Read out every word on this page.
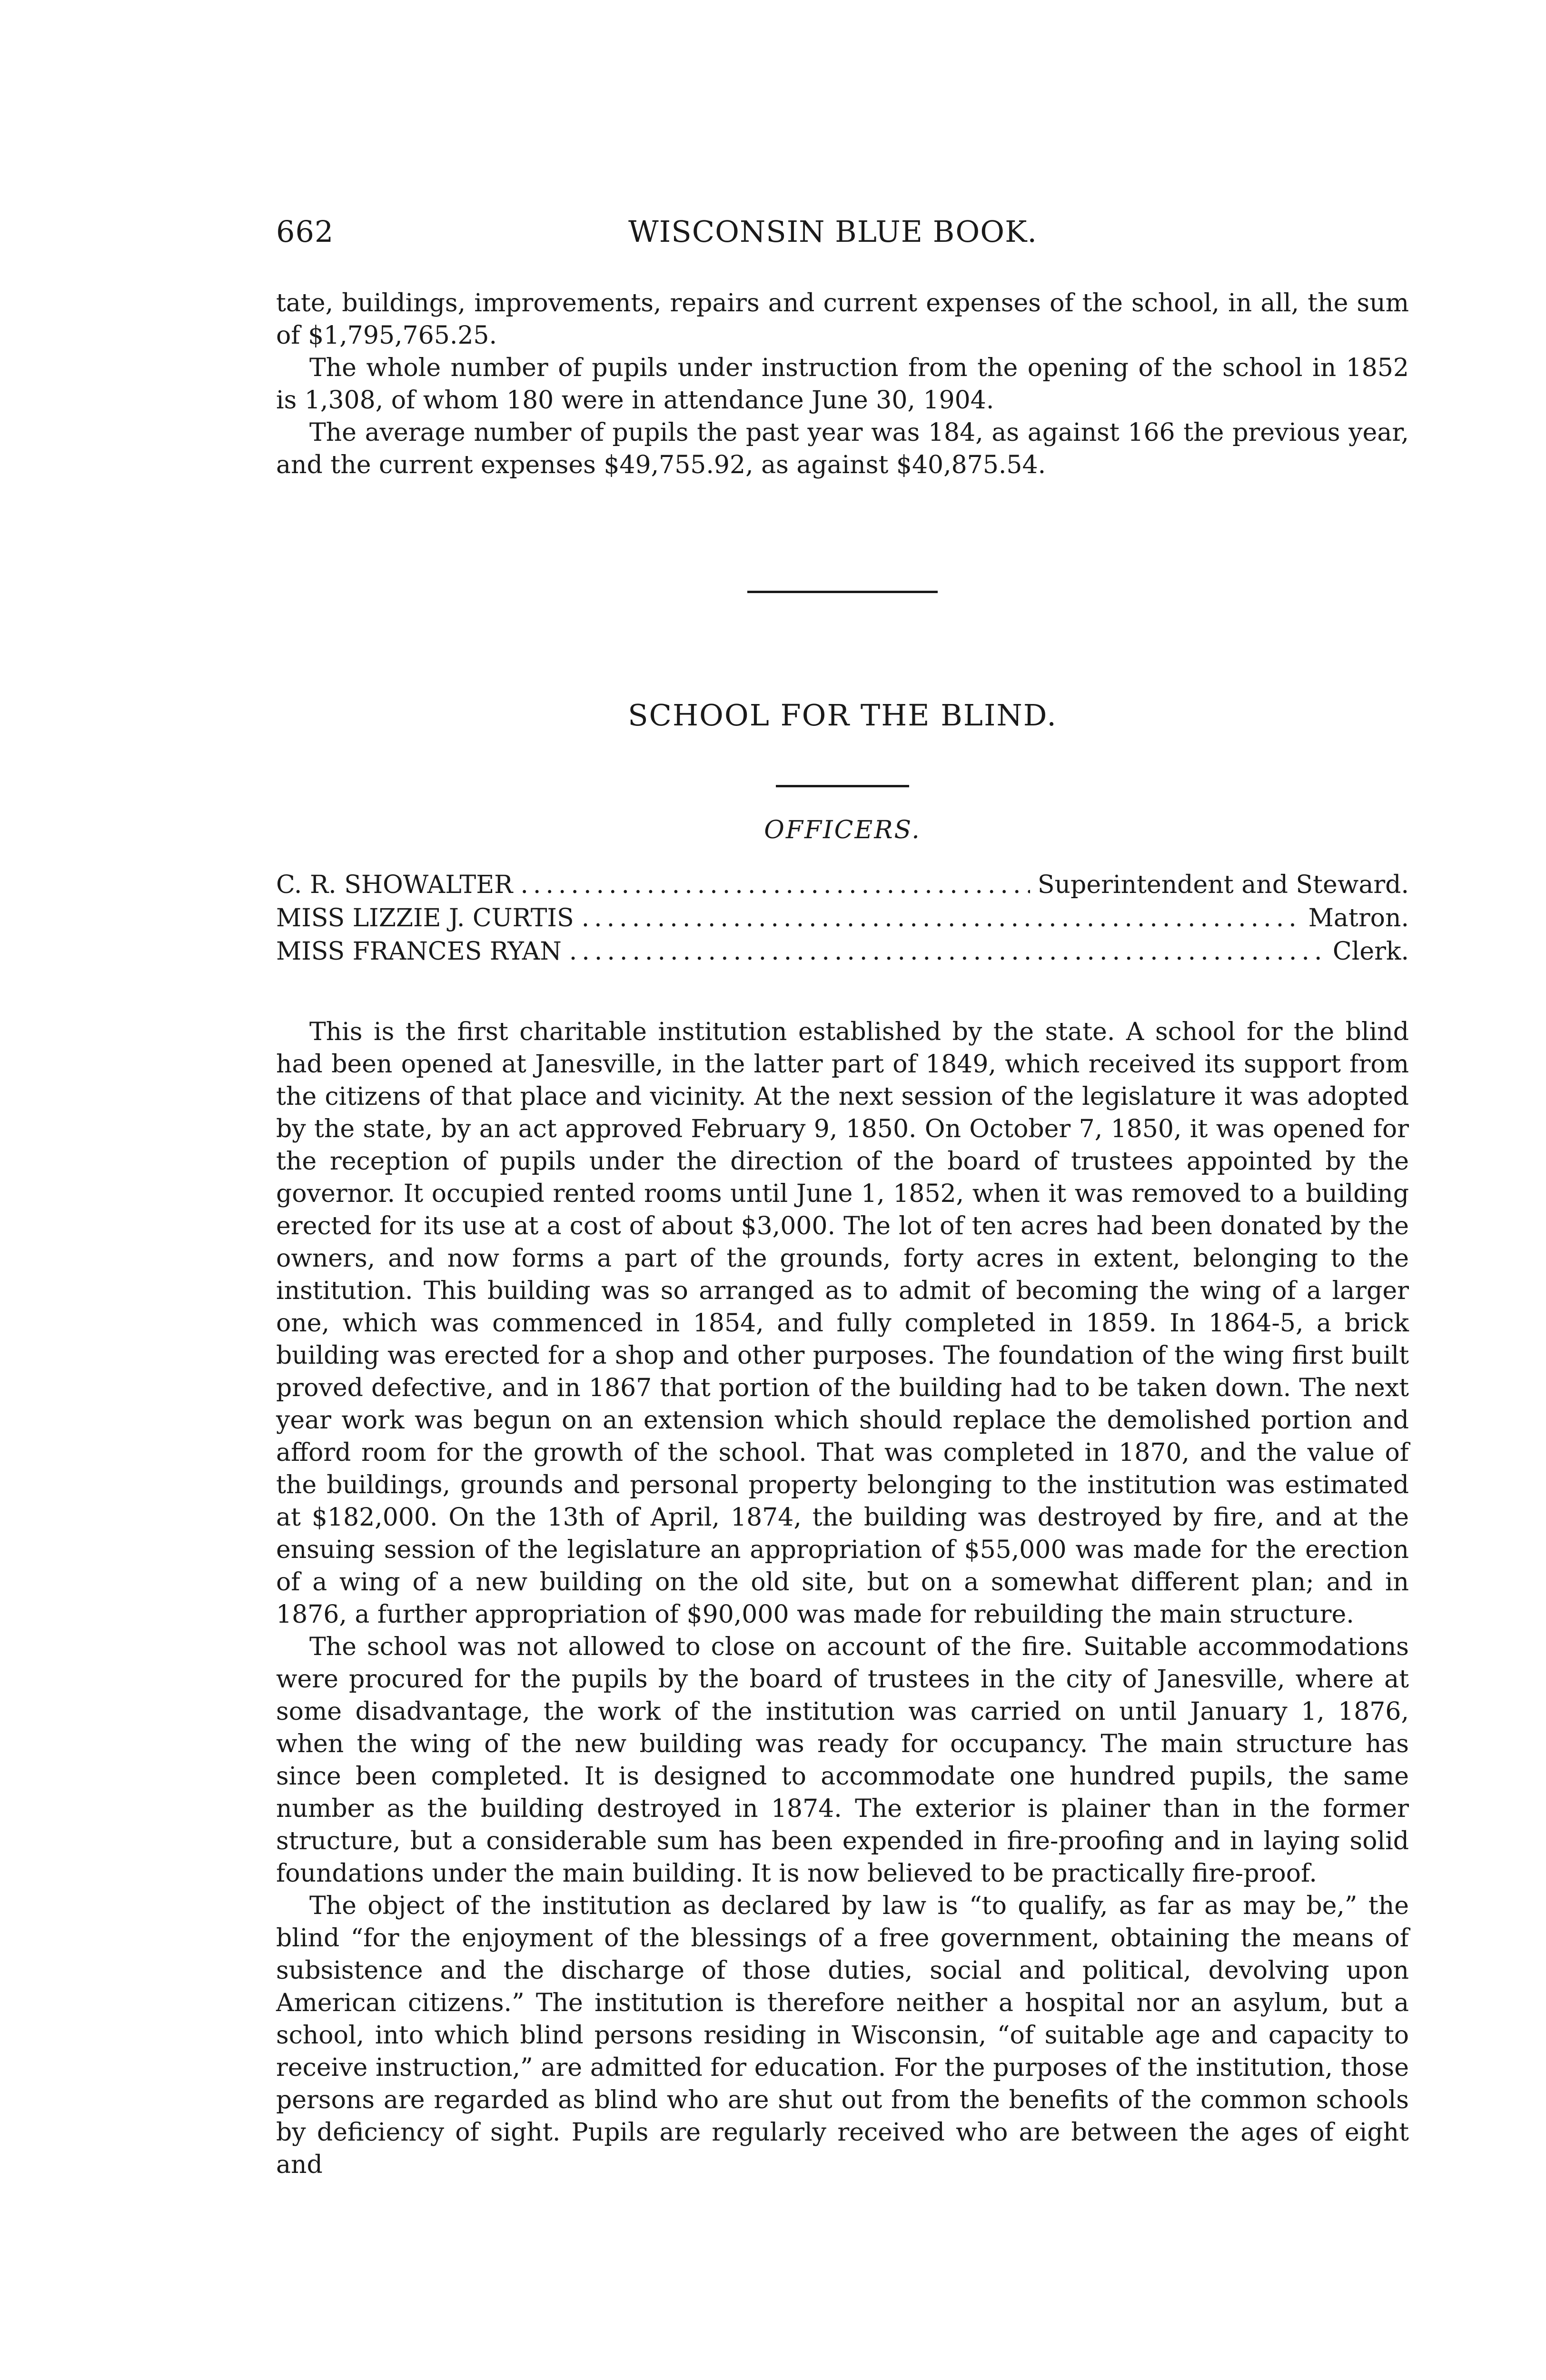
662	WISCONSIN BLUE BOOK.

tate, buildings, improvements, repairs and current expenses of the school, in all, the sum of $1,795,765.25.

The whole number of pupils under instruction from the opening of the school in 1852 is 1,308, of whom 180 were in attendance June 30, 1904.

The average number of pupils the past year was 184, as against 166 the previous year, and the current expenses $49,755.92, as against $40,875.54.

SCHOOL FOR THE BLIND.
OFFICERS.
C. R. SHOWALTER .....	Superintendent and Steward.
MISS LIZZIE J. CURTIS .....	Matron.
MISS FRANCES RYAN .....	Clerk.

This is the first charitable institution established by the state. A school for the blind had been opened at Janesville, in the latter part of 1849, which received its support from the citizens of that place and vicinity. At the next session of the legislature it was adopted by the state, by an act approved February 9, 1850. On October 7, 1850, it was opened for the reception of pupils under the direction of the board of trustees appointed by the governor. It occupied rented rooms until June 1, 1852, when it was removed to a building erected for its use at a cost of about $3,000. The lot of ten acres had been donated by the owners, and now forms a part of the grounds, forty acres in extent, belonging to the institution. This building was so arranged as to admit of becoming the wing of a larger one, which was commenced in 1854, and fully completed in 1859. In 1864-5, a brick building was erected for a shop and other purposes. The foundation of the wing first built proved defective, and in 1867 that portion of the building had to be taken down. The next year work was begun on an extension which should replace the demolished portion and afford room for the growth of the school. That was completed in 1870, and the value of the buildings, grounds and personal property belonging to the institution was estimated at $182,000. On the 13th of April, 1874, the building was destroyed by fire, and at the ensuing session of the legislature an appropriation of $55,000 was made for the erection of a wing of a new building on the old site, but on a somewhat different plan; and in 1876, a further appropriation of $90,000 was made for rebuilding the main structure.

The school was not allowed to close on account of the fire. Suitable accommodations were procured for the pupils by the board of trustees in the city of Janesville, where at some disadvantage, the work of the institution was carried on until January 1, 1876, when the wing of the new building was ready for occupancy. The main structure has since been completed. It is designed to accommodate one hundred pupils, the same number as the building destroyed in 1874. The exterior is plainer than in the former structure, but a considerable sum has been expended in fire-proofing and in laying solid foundations under the main building. It is now believed to be practically fire-proof.

The object of the institution as declared by law is “to qualify, as far as may be,” the blind “for the enjoyment of the blessings of a free government, obtaining the means of subsistence and the discharge of those duties, social and political, devolving upon American citizens.” The institution is therefore neither a hospital nor an asylum, but a school, into which blind persons residing in Wisconsin, “of suitable age and capacity to receive instruction,” are admitted for education. For the purposes of the institution, those persons are regarded as blind who are shut out from the benefits of the common schools by deficiency of sight. Pupils are regularly received who are between the ages of eight and
